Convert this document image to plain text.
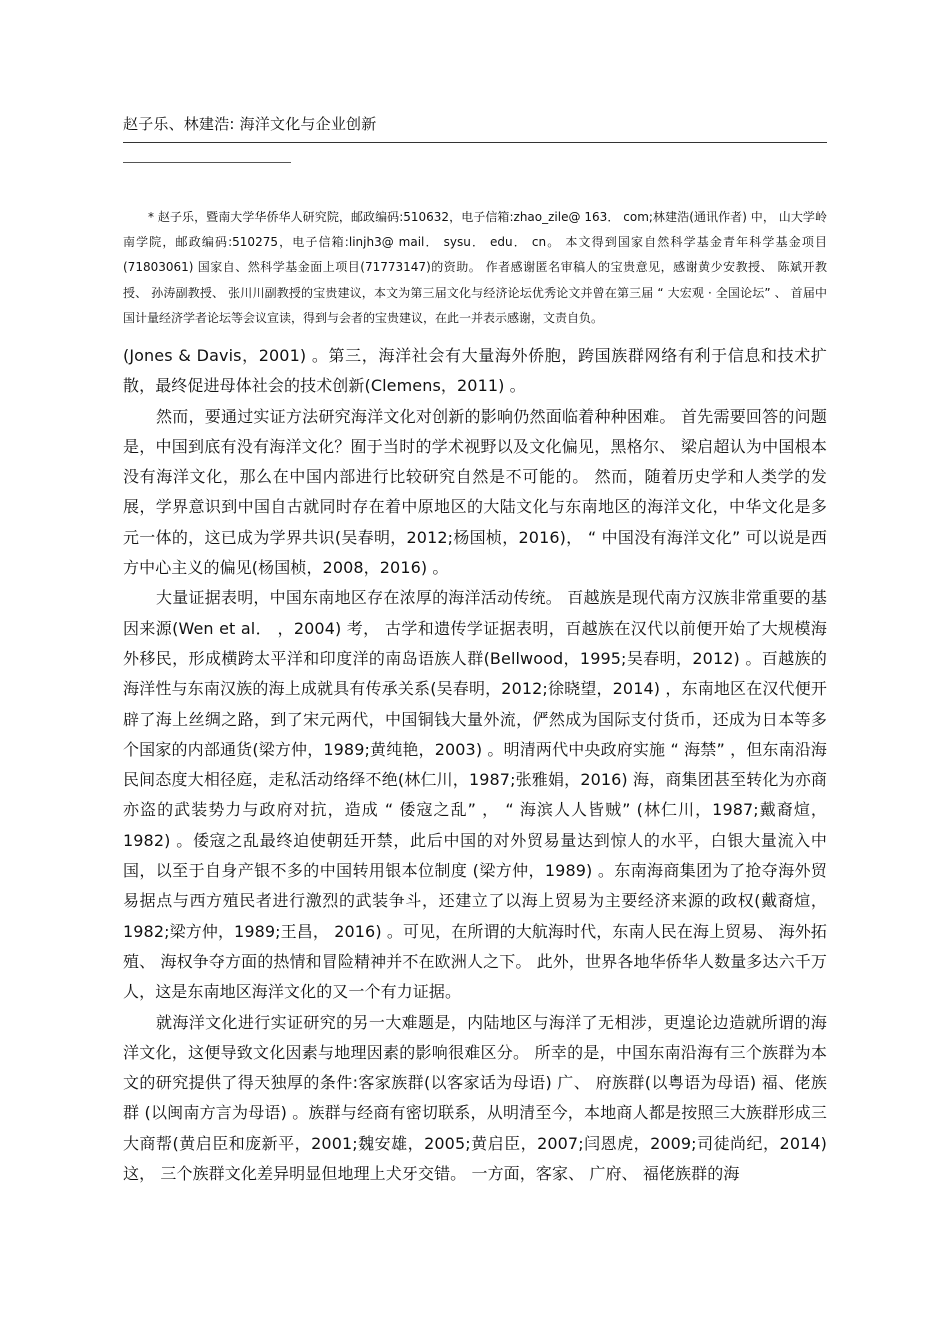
赵子乐、林建浩: 海洋文化与企业创新
* 赵子乐，暨南大学华侨华人研究院，邮政编码:510632，电子信箱:zhao_zile@ 163． com;林建浩(通讯作者) 中， 山大学岭南学院，邮政编码:510275，电子信箱:linjh3@ mail． sysu． edu． cn。 本文得到国家自然科学基金青年科学基金项目(71803061) 国家自、然科学基金面上项目(71773147)的资助。 作者感谢匿名审稿人的宝贵意见，感谢黄少安教授、 陈斌开教授、 孙涛副教授、 张川川副教授的宝贵建议，本文为第三届文化与经济论坛优秀论文并曾在第三届 “ 大宏观 · 全国论坛” 、 首届中国计量经济学者论坛等会议宣读，得到与会者的宝贵建议，在此一并表示感谢，文责自负。

(Jones & Davis，2001) 。第三，海洋社会有大量海外侨胞，跨国族群网络有利于信息和技术扩散，最终促进母体社会的技术创新(Clemens，2011) 。

然而，要通过实证方法研究海洋文化对创新的影响仍然面临着种种困难。 首先需要回答的问题是，中国到底有没有海洋文化？囿于当时的学术视野以及文化偏见，黑格尔、 梁启超认为中国根本没有海洋文化，那么在中国内部进行比较研究自然是不可能的。 然而，随着历史学和人类学的发展，学界意识到中国自古就同时存在着中原地区的大陆文化与东南地区的海洋文化，中华文化是多元一体的，这已成为学界共识(吴春明，2012;杨国桢，2016)， “ 中国没有海洋文化” 可以说是西方中心主义的偏见(杨国桢，2008，2016) 。

大量证据表明，中国东南地区存在浓厚的海洋活动传统。 百越族是现代南方汉族非常重要的基因来源(Wen et al． ，2004) 考， 古学和遗传学证据表明，百越族在汉代以前便开始了大规模海外移民，形成横跨太平洋和印度洋的南岛语族人群(Bellwood，1995;吴春明，2012) 。百越族的海洋性与东南汉族的海上成就具有传承关系(吴春明，2012;徐晓望，2014) ，东南地区在汉代便开辟了海上丝绸之路，到了宋元两代，中国铜钱大量外流，俨然成为国际支付货币，还成为日本等多个国家的内部通货(梁方仲，1989;黄纯艳，2003) 。明清两代中央政府实施 “ 海禁” ，但东南沿海民间态度大相径庭，走私活动络绎不绝(林仁川，1987;张雅娟，2016) 海，商集团甚至转化为亦商亦盗的武装势力与政府对抗，造成 “ 倭寇之乱” ， “ 海滨人人皆贼” (林仁川，1987;戴裔煊，1982) 。倭寇之乱最终迫使朝廷开禁，此后中国的对外贸易量达到惊人的水平，白银大量流入中国，以至于自身产银不多的中国转用银本位制度 (梁方仲，1989) 。东南海商集团为了抢夺海外贸易据点与西方殖民者进行激烈的武装争斗，还建立了以海上贸易为主要经济来源的政权(戴裔煊，1982;梁方仲，1989;王昌， 2016) 。可见，在所谓的大航海时代，东南人民在海上贸易、 海外拓殖、 海权争夺方面的热情和冒险精神并不在欧洲人之下。 此外，世界各地华侨华人数量多达六千万人，这是东南地区海洋文化的又一个有力证据。

就海洋文化进行实证研究的另一大难题是，内陆地区与海洋了无相涉，更遑论边造就所谓的海洋文化，这便导致文化因素与地理因素的影响很难区分。 所幸的是，中国东南沿海有三个族群为本文的研究提供了得天独厚的条件:客家族群(以客家话为母语) 广、 府族群(以粤语为母语) 福、佬族群 (以闽南方言为母语) 。族群与经商有密切联系，从明清至今，本地商人都是按照三大族群形成三大商帮(黄启臣和庞新平，2001;魏安雄，2005;黄启臣，2007;闫恩虎，2009;司徒尚纪，2014) 这， 三个族群文化差异明显但地理上犬牙交错。 一方面，客家、 广府、 福佬族群的海
